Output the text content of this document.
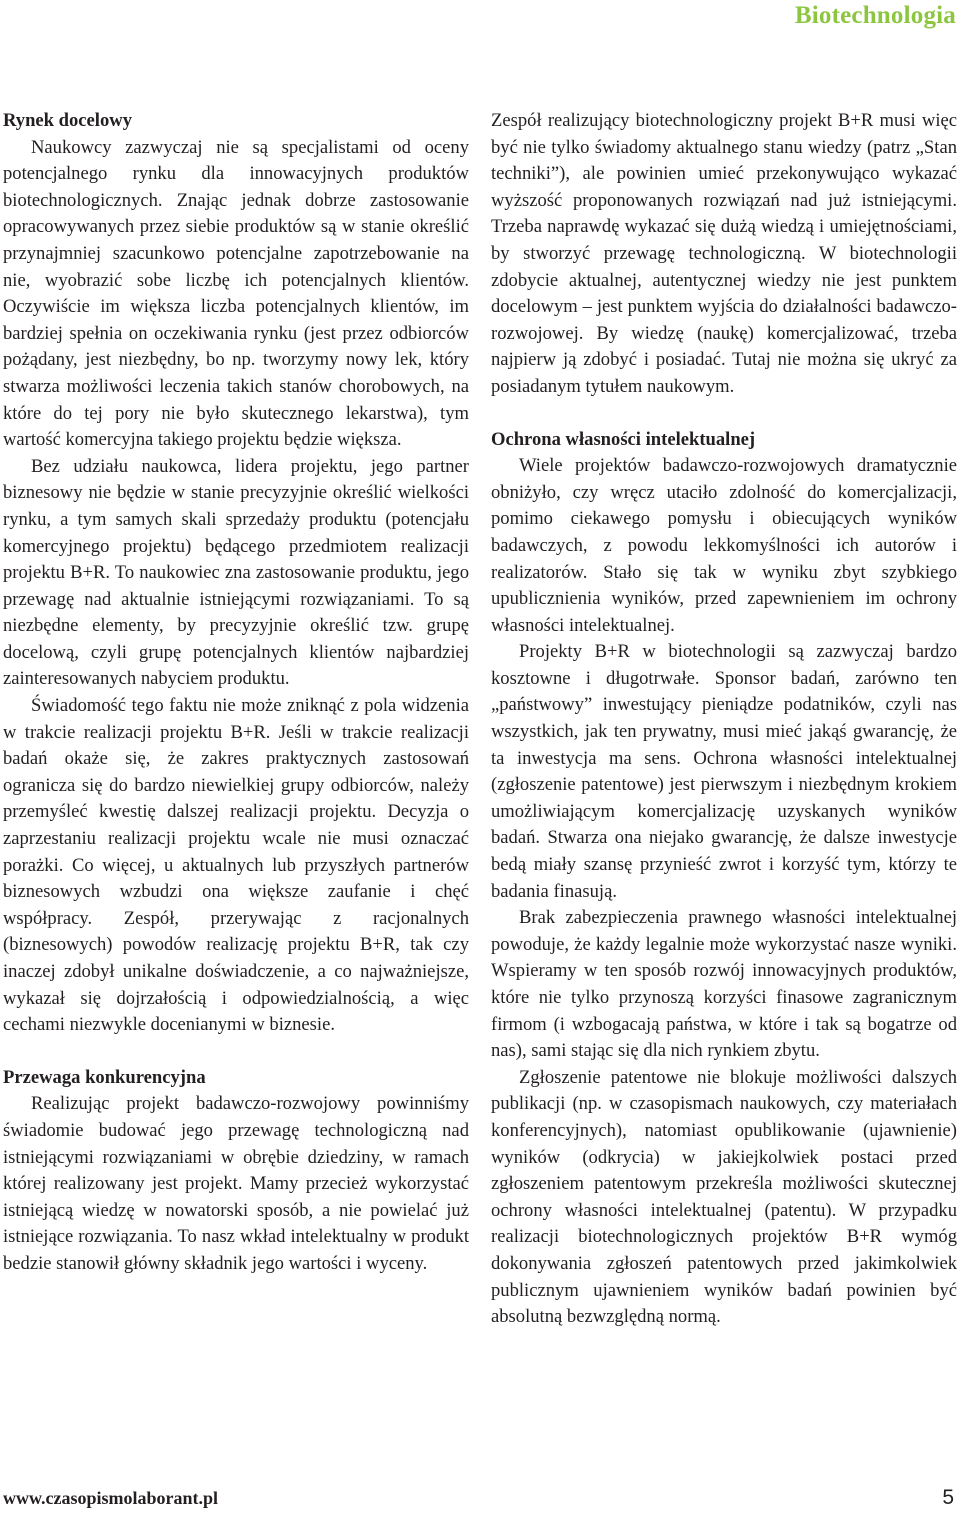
Biotechnologia
Rynek docelowy

Naukowcy zazwyczaj nie są specjalistami od oceny potencjalnego rynku dla innowacyjnych produktów biotechnologicznych. Znając jednak dobrze zastosowanie opracowywanych przez siebie produktów są w stanie określić przynajmniej szacunkowo potencjalne zapotrzebowanie na nie, wyobrazić sobe liczbę ich potencjalnych klientów. Oczywiście im większa liczba potencjalnych klientów, im bardziej spełnia on oczekiwania rynku (jest przez odbiorców pożądany, jest niezbędny, bo np. tworzymy nowy lek, który stwarza możliwości leczenia takich stanów chorobowych, na które do tej pory nie było skutecznego lekarstwa), tym wartość komercyjna takiego projektu będzie większa.

Bez udziału naukowca, lidera projektu, jego partner biznesowy nie będzie w stanie precyzyjnie określić wielkości rynku, a tym samych skali sprzedaży produktu (potencjału komercyjnego projektu) będącego przedmiotem realizacji projektu B+R. To naukowiec zna zastosowanie produktu, jego przewagę nad aktualnie istniejącymi rozwiązaniami. To są niezbędne elementy, by precyzyjnie określić tzw. grupę docelową, czyli grupę potencjalnych klientów najbardziej zainteresowanych nabyciem produktu.

Świadomość tego faktu nie może zniknąć z pola widzenia w trakcie realizacji projektu B+R. Jeśli w trakcie realizacji badań okaże się, że zakres praktycznych zastosowań ogranicza się do bardzo niewielkiej grupy odbiorców, należy przemyśleć kwestię dalszej realizacji projektu. Decyzja o zaprzestaniu realizacji projektu wcale nie musi oznaczać porażki. Co więcej, u aktualnych lub przyszłych partnerów biznesowych wzbudzi ona większe zaufanie i chęć współpracy. Zespół, przerywając z racjonalnych (biznesowych) powodów realizację projektu B+R, tak czy inaczej zdobył unikalne doświadczenie, a co najważniejsze, wykazał się dojrzałością i odpowiedzialnością, a więc cechami niezwykle docenianymi w biznesie.

Przewaga konkurencyjna

Realizując projekt badawczo-rozwojowy powinniśmy świadomie budować jego przewagę technologiczną nad istniejącymi rozwiązaniami w obrębie dziedziny, w ramach której realizowany jest projekt. Mamy przecież wykorzystać istniejącą wiedzę w nowatorski sposób, a nie powielać już istniejące rozwiązania. To nasz wkład intelektualny w produkt bedzie stanowił główny składnik jego wartości i wyceny.

Zespół realizujący biotechnologiczny projekt B+R musi więc być nie tylko świadomy aktualnego stanu wiedzy (patrz „Stan techniki”), ale powinien umieć przekonywująco wykazać wyższość proponowanych rozwiązań nad już istniejącymi. Trzeba naprawdę wykazać się dużą wiedzą i umiejętnościami, by stworzyć przewagę technologiczną. W biotechnologii zdobycie aktualnej, autentycznej wiedzy nie jest punktem docelowym – jest punktem wyjścia do działalności badawczo-rozwojowej. By wiedzę (naukę) komercjalizować, trzeba najpierw ją zdobyć i posiadać. Tutaj nie można się ukryć za posiadanym tytułem naukowym.

Ochrona własności intelektualnej

Wiele projektów badawczo-rozwojowych dramatycznie obniżyło, czy wręcz utaciło zdolność do komercjalizacji, pomimo ciekawego pomysłu i obiecujących wyników badawczych, z powodu lekkomyślności ich autorów i realizatorów. Stało się tak w wyniku zbyt szybkiego upublicznienia wyników, przed zapewnieniem im ochrony własności intelektualnej.

Projekty B+R w biotechnologii są zazwyczaj bardzo kosztowne i długotrwałe. Sponsor badań, zarówno ten „państwowy” inwestujący pieniądze podatników, czyli nas wszystkich, jak ten prywatny, musi mieć jakąś gwarancję, że ta inwestycja ma sens. Ochrona własności intelektualnej (zgłoszenie patentowe) jest pierwszym i niezbędnym krokiem umożliwiającym komercjalizację uzyskanych wyników badań. Stwarza ona niejako gwarancję, że dalsze inwestycje bedą miały szansę przynieść zwrot i korzyść tym, którzy te badania finasują.

Brak zabezpieczenia prawnego własności intelektualnej powoduje, że każdy legalnie może wykorzystać nasze wyniki. Wspieramy w ten sposób rozwój innowacyjnych produktów, które nie tylko przynoszą korzyści finasowe zagranicznym firmom (i wzbogacają państwa, w które i tak są bogatrze od nas), sami stając się dla nich rynkiem zbytu.

Zgłoszenie patentowe nie blokuje możliwości dalszych publikacji (np. w czasopismach naukowych, czy materiałach konferencyjnych), natomiast opublikowanie (ujawnienie) wyników (odkrycia) w jakiejkolwiek postaci przed zgłoszeniem patentowym przekreśla możliwości skutecznej ochrony własności intelektualnej (patentu). W przypadku realizacji biotechnologicznych projektów B+R wymóg dokonywania zgłoszeń patentowych przed jakimkolwiek publicznym ujawnieniem wyników badań powinien być absolutną bezwzględną normą.

www.czasopismolaborant.pl	5
